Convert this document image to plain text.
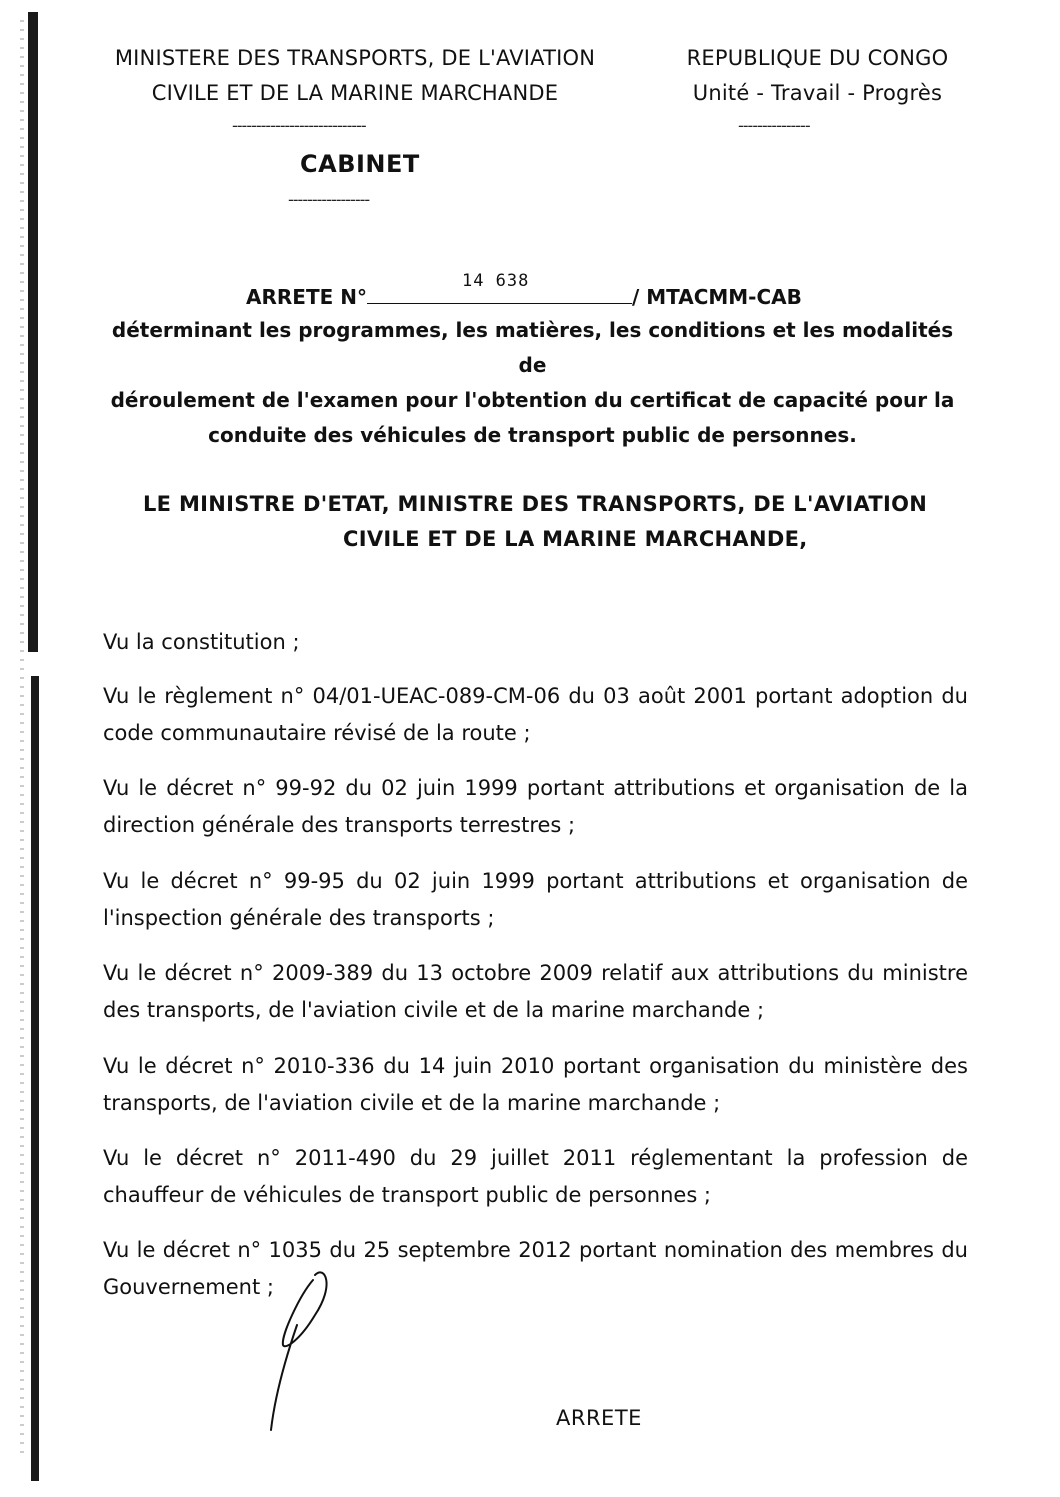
MINISTERE DES TRANSPORTS, DE L'AVIATION
CIVILE ET DE LA MARINE MARCHANDE
----------------------------
REPUBLIQUE DU CONGO
Unité - Travail - Progrès
---------------
CABINET
-----------------
ARRETE N°
14 638
/ MTACMM-CAB
déterminant les programmes, les matières, les conditions et les modalités de
déroulement de l'examen pour l'obtention du certificat de capacité pour la
conduite des véhicules de transport public de personnes.
LE MINISTRE D'ETAT, MINISTRE DES TRANSPORTS, DE L'AVIATION
CIVILE ET DE LA MARINE MARCHANDE,
Vu la constitution ;
Vu le règlement n° 04/01-UEAC-089-CM-06 du 03 août 2001 portant adoption du code communautaire révisé de la route ;
Vu le décret n° 99-92 du 02 juin 1999 portant attributions et organisation de la direction générale des transports terrestres ;
Vu le décret n° 99-95 du 02 juin 1999 portant attributions et organisation de l'inspection générale des transports ;
Vu le décret n° 2009-389 du 13 octobre 2009 relatif aux attributions du ministre des transports, de l'aviation civile et de la marine marchande ;
Vu le décret n° 2010-336 du 14 juin 2010 portant organisation du ministère des transports, de l'aviation civile et de la marine marchande ;
Vu le décret n° 2011-490 du 29 juillet 2011 réglementant la profession de chauffeur de véhicules de transport public de personnes ;
Vu le décret n° 1035 du 25 septembre 2012 portant nomination des membres du Gouvernement ;
ARRETE
